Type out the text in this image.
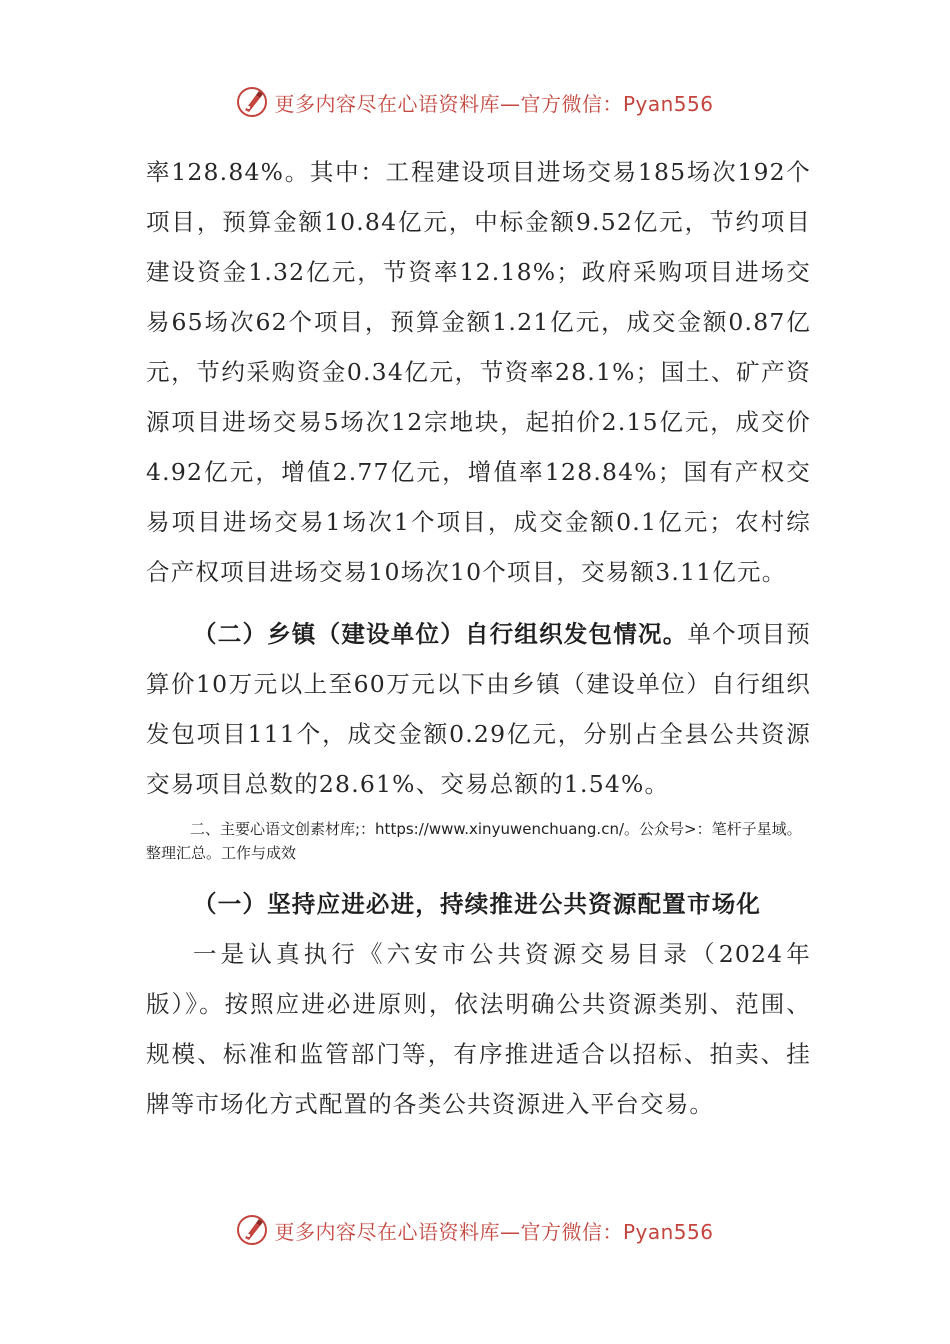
更多内容尽在心语资料库—官方微信：Pyan556

率128.84%。其中：工程建设项目进场交易185场次192个项目，预算金额10.84亿元，中标金额9.52亿元，节约项目建设资金1.32亿元，节资率12.18%；政府采购项目进场交易65场次62个项目，预算金额1.21亿元，成交金额0.87亿元，节约采购资金0.34亿元，节资率28.1%；国土、矿产资源项目进场交易5场次12宗地块，起拍价2.15亿元，成交价4.92亿元，增值2.77亿元，增值率128.84%；国有产权交易项目进场交易1场次1个项目，成交金额0.1亿元；农村综合产权项目进场交易10场次10个项目，交易额3.11亿元。

（二）乡镇（建设单位）自行组织发包情况。单个项目预算价10万元以上至60万元以下由乡镇（建设单位）自行组织发包项目111个，成交金额0.29亿元，分别占全县公共资源交易项目总数的28.61%、交易总额的1.54%。

二、主要心语文创素材库;：https://www.xinyuwenchuang.cn/。公众号>：笔杆子星域。整理汇总。工作与成效

（一）坚持应进必进，持续推进公共资源配置市场化

一是认真执行《六安市公共资源交易目录（2024年版）》。按照应进必进原则，依法明确公共资源类别、范围、规模、标准和监管部门等，有序推进适合以招标、拍卖、挂牌等市场化方式配置的各类公共资源进入平台交易。

更多内容尽在心语资料库—官方微信：Pyan556
